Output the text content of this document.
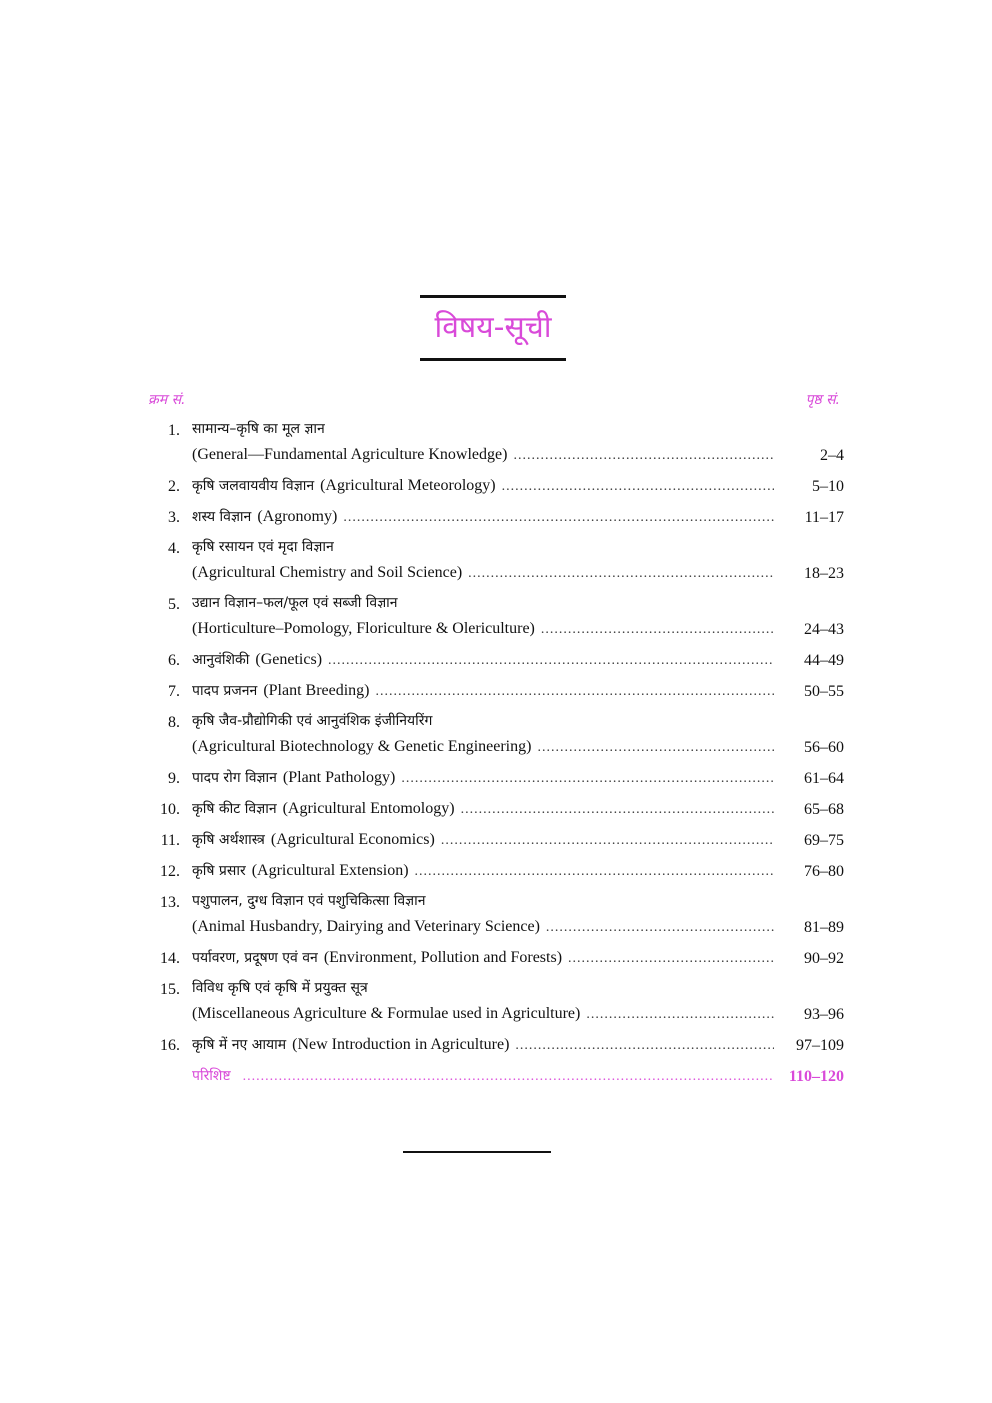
विषय-सूची
क्रम सं.	पृष्ठ सं.
1. सामान्य–कृषि का मूल ज्ञान
(General—Fundamental Agriculture Knowledge) .....	2–4
2. कृषि जलवायवीय विज्ञान (Agricultural Meteorology) .....	5–10
3. शस्य विज्ञान (Agronomy) .....	11–17
4. कृषि रसायन एवं मृदा विज्ञान
(Agricultural Chemistry and Soil Science) .....	18–23
5. उद्यान विज्ञान–फल/फूल एवं सब्जी विज्ञान
(Horticulture–Pomology, Floriculture & Olericulture) .....	24–43
6. आनुवंशिकी (Genetics) .....	44–49
7. पादप प्रजनन (Plant Breeding) .....	50–55
8. कृषि जैव-प्रौद्योगिकी एवं आनुवंशिक इंजीनियरिंग
(Agricultural Biotechnology & Genetic Engineering) .....	56–60
9. पादप रोग विज्ञान (Plant Pathology) .....	61–64
10. कृषि कीट विज्ञान (Agricultural Entomology) .....	65–68
11. कृषि अर्थशास्त्र (Agricultural Economics) .....	69–75
12. कृषि प्रसार (Agricultural Extension) .....	76–80
13. पशुपालन, दुग्ध विज्ञान एवं पशुचिकित्सा विज्ञान
(Animal Husbandry, Dairying and Veterinary Science) .....	81–89
14. पर्यावरण, प्रदूषण एवं वन (Environment, Pollution and Forests) .....	90–92
15. विविध कृषि एवं कृषि में प्रयुक्त सूत्र
(Miscellaneous Agriculture & Formulae used in Agriculture) .....	93–96
16. कृषि में नए आयाम (New Introduction in Agriculture) .....	97–109
परिशिष्ट .....	110–120
